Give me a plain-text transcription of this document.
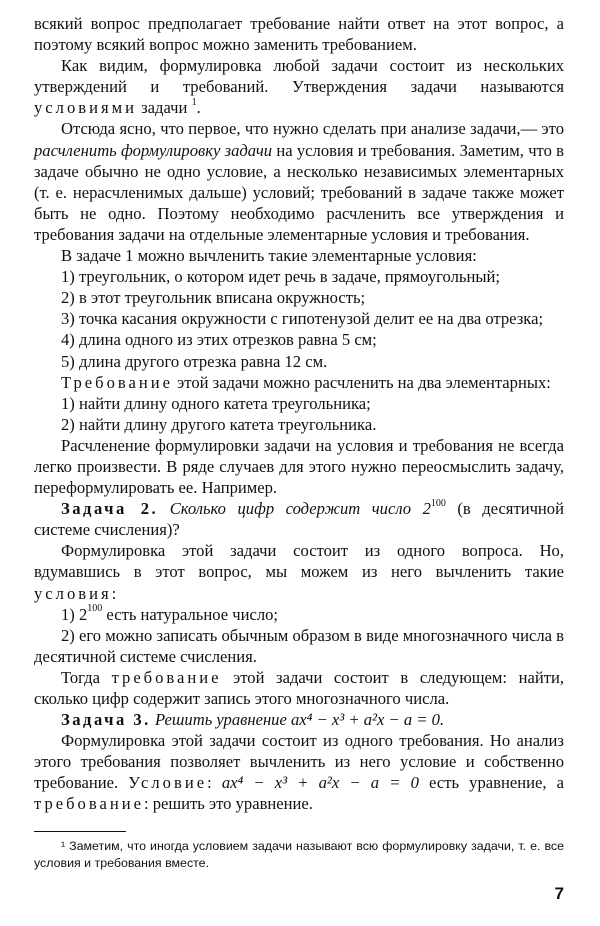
всякий вопрос предполагает требование найти ответ на этот вопрос, а поэтому всякий вопрос можно заменить требованием.

Как видим, формулировка любой задачи состоит из нескольких утверждений и требований. Утверждения задачи называются условиями задачи $^1$.

Отсюда ясно, что первое, что нужно сделать при анализе задачи,— это расчленить формулировку задачи на условия и требования. Заметим, что в задаче обычно не одно условие, а несколько независимых элементарных (т. е. нерасчленимых дальше) условий; требований в задаче также может быть не одно. Поэтому необходимо расчленить все утверждения и требования задачи на отдельные элементарные условия и требования.

В задаче 1 можно вычленить такие элементарные условия:

1) треугольник, о котором идет речь в задаче, прямоугольный;

2) в этот треугольник вписана окружность;

3) точка касания окружности с гипотенузой делит ее на два отрезка;

4) длина одного из этих отрезков равна 5 см;

5) длина другого отрезка равна 12 см.

Требование этой задачи можно расчленить на два элементарных:

1) найти длину одного катета треугольника;

2) найти длину другого катета треугольника.

Расчленение формулировки задачи на условия и требования не всегда легко произвести. В ряде случаев для этого нужно переосмыслить задачу, переформулировать ее. Например.

Задача 2. Сколько цифр содержит число $2^{100}$ (в десятичной системе счисления)?

Формулировка этой задачи состоит из одного вопроса. Но, вдумавшись в этот вопрос, мы можем из него вычленить такие условия:

1) $2^{100}$ есть натуральное число;

2) его можно записать обычным образом в виде многозначного числа в десятичной системе счисления.

Тогда требование этой задачи состоит в следующем: найти, сколько цифр содержит запись этого многозначного числа.

Задача 3. Решить уравнение ax⁴ − x³ + a²x − a = 0.

Формулировка этой задачи состоит из одного требования. Но анализ этого требования позволяет вычленить из него условие и собственно требование. Условие: ax⁴ − x³ + a²x − a = 0 есть уравнение, а требование: решить это уравнение.

¹ Заметим, что иногда условием задачи называют всю формулировку задачи, т. е. все условия и требования вместе.
7
